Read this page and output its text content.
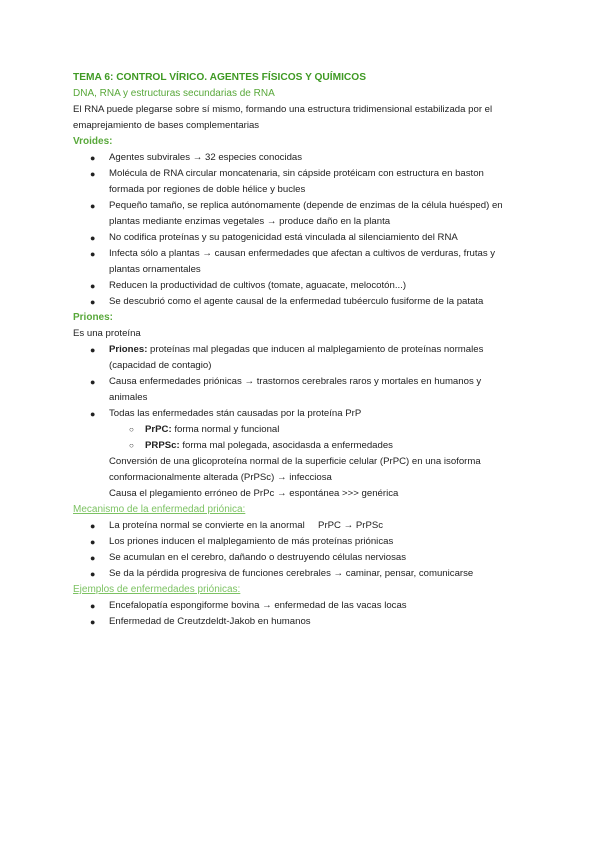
TEMA 6: CONTROL VÍRICO. AGENTES FÍSICOS Y QUÍMICOS

DNA, RNA y estructuras secundarias de RNA

El RNA puede plegarse sobre sí mismo, formando una estructura tridimensional estabilizada por el

emaprejamiento de bases complementarias

Vroides:

● Agentes subvirales → 32 especies conocidas
● Molécula de RNA circular moncatenaria, sin cápside protéicam con estructura en baston
formada por regiones de doble hélice y bucles
● Pequeño tamaño, se replica autónomamente (depende de enzimas de la célula huésped) en
plantas mediante enzimas vegetales → produce daño en la planta
● No codifica proteínas y su patogenicidad está vinculada al silenciamiento del RNA
● Infecta sólo a plantas → causan enfermedades que afectan a cultivos de verduras, frutas y
plantas ornamentales
● Reducen la productividad de cultivos (tomate, aguacate, melocotón...)
● Se descubrió como el agente causal de la enfermedad tubéerculo fusiforme de la patata

Priones:

Es una proteína

● Priones: proteínas mal plegadas que inducen al malplegamiento de proteínas normales
(capacidad de contagio)
● Causa enfermedades priónicas → trastornos cerebrales raros y mortales en humanos y
animales
● Todas las enfermedades stán causadas por la proteína PrP
○ PrPC: forma normal y funcional
○ PRPSc: forma mal polegada, asocidasda a enfermedades

Conversión de una glicoproteína normal de la superficie celular (PrPC) en una isoforma

conformacionalmente alterada (PrPSc) → infecciosa

Causa el plegamiento erróneo de PrPc → espontánea >>> genérica

Mecanismo de la enfermedad priónica:

● La proteína normal se convierte en la anormal     PrPC → PrPSc
● Los priones inducen el malplegamiento de más proteínas priónicas
● Se acumulan en el cerebro, dañando o destruyendo células nerviosas
● Se da la pérdida progresiva de funciones cerebrales → caminar, pensar, comunicarse

Ejemplos de enfermedades priónicas:

● Encefalopatía espongiforme bovina → enfermedad de las vacas locas
● Enfermedad de Creutzdeldt-Jakob en humanos
